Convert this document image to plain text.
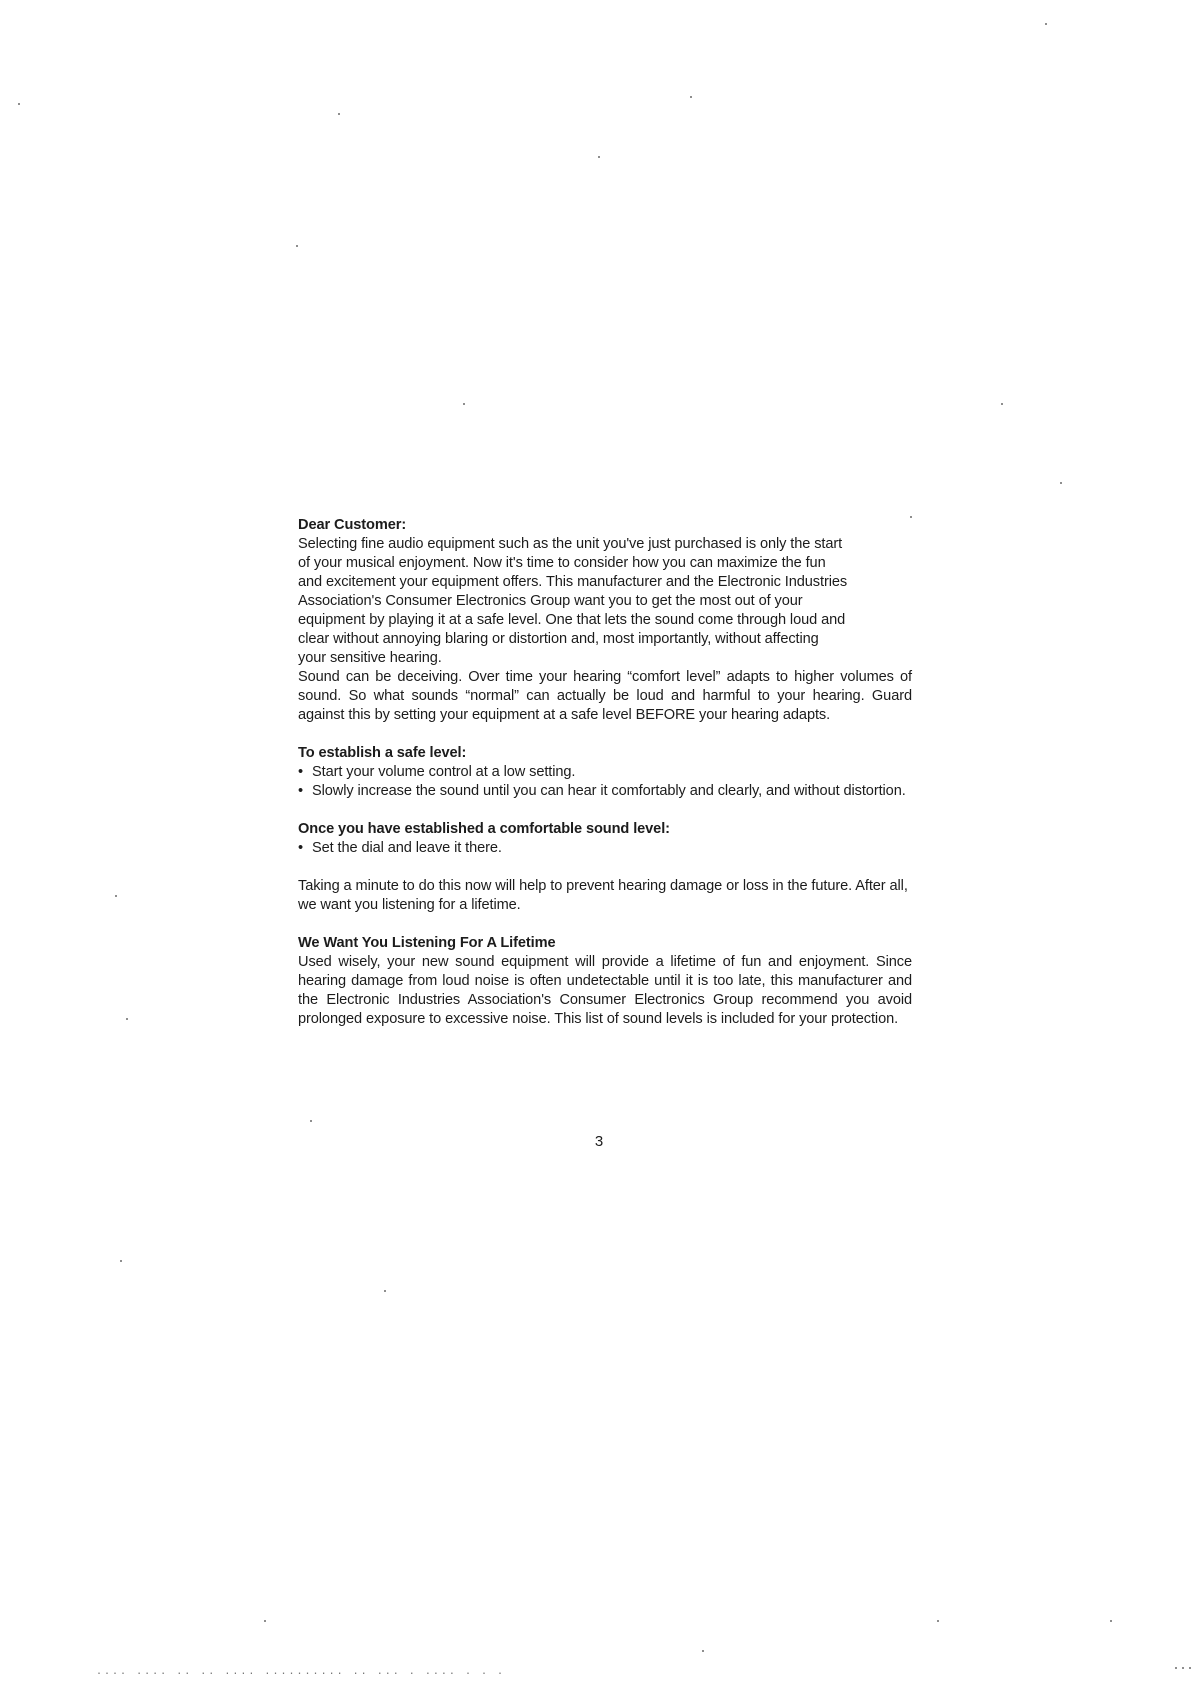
Dear Customer:

Selecting fine audio equipment such as the unit you've just purchased is only the start
of your musical enjoyment. Now it's time to consider how you can maximize the fun
and excitement your equipment offers. This manufacturer and the Electronic Industries
Association's Consumer Electronics Group want you to get the most out of your
equipment by playing it at a safe level. One that lets the sound come through loud and
clear without annoying blaring or distortion and, most importantly, without affecting
your sensitive hearing.

Sound can be deceiving. Over time your hearing “comfort level” adapts to higher volumes of sound. So what sounds “normal” can actually be loud and harmful to your hearing. Guard against this by setting your equipment at a safe level BEFORE your hearing adapts.

To establish a safe level:

• Start your volume control at a low setting.
• Slowly increase the sound until you can hear it comfortably and clearly, and without distortion.

Once you have established a comfortable sound level:

• Set the dial and leave it there.

Taking a minute to do this now will help to prevent hearing damage or loss in the future. After all, we want you listening for a lifetime.

We Want You Listening For A Lifetime

Used wisely, your new sound equipment will provide a lifetime of fun and enjoyment. Since hearing damage from loud noise is often undetectable until it is too late, this manufacturer and the Electronic Industries Association's Consumer Electronics Group recommend you avoid prolonged exposure to excessive noise. This list of sound levels is included for your protection.

3
.... .... .. .. .... .......... .. ... . .... . . .
